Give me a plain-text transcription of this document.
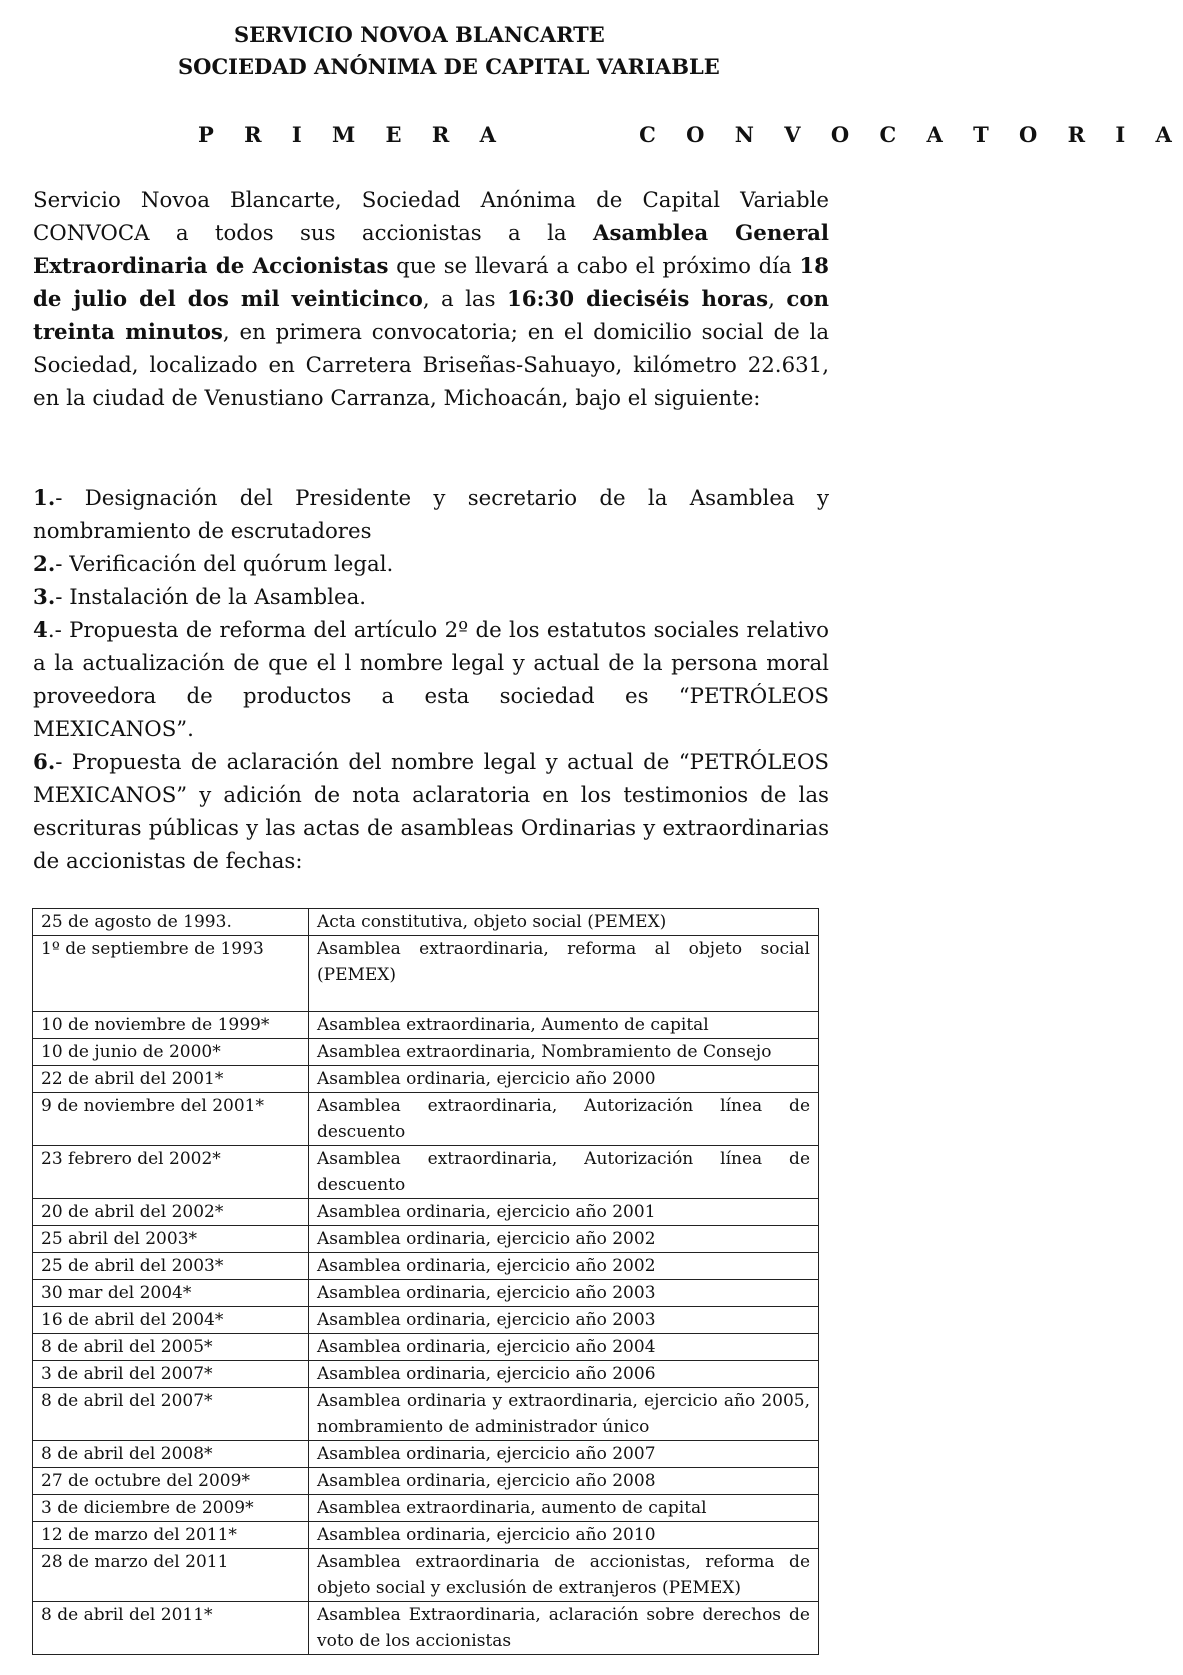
SERVICIO NOVOA BLANCARTE
SOCIEDAD ANÓNIMA DE CAPITAL VARIABLE
P R I M E R A       C O N V O C A T O R I A
Servicio Novoa Blancarte, Sociedad Anónima de Capital Variable CONVOCA a todos sus accionistas a la Asamblea General Extraordinaria de Accionistas que se llevará a cabo el próximo día 18 de julio del dos mil veinticinco, a las 16:30 dieciséis horas, con treinta minutos, en primera convocatoria; en el domicilio social de la Sociedad, localizado en Carretera Briseñas-Sahuayo, kilómetro 22.631, en la ciudad de Venustiano Carranza, Michoacán, bajo el siguiente:

1.- Designación del Presidente y secretario de la Asamblea y nombramiento de escrutadores

2.- Verificación del quórum legal.

3.- Instalación de la Asamblea.

4.- Propuesta de reforma del artículo 2º de los estatutos sociales relativo a la actualización de que el l nombre legal y actual de la persona moral proveedora de productos a esta sociedad es “PETRÓLEOS MEXICANOS”.

6.- Propuesta de aclaración del nombre legal y actual de “PETRÓLEOS MEXICANOS” y adición de nota aclaratoria en los testimonios de las escrituras públicas y las actas de asambleas Ordinarias y extraordinarias de accionistas de fechas:

25 de agosto de 1993.	Acta constitutiva, objeto social (PEMEX)
1º de septiembre de 1993	Asamblea extraordinaria, reforma al objeto social (PEMEX)
10 de noviembre de 1999*	Asamblea extraordinaria, Aumento de capital
10 de junio de 2000*	Asamblea extraordinaria, Nombramiento de Consejo
22 de abril del 2001*	Asamblea ordinaria, ejercicio año 2000
9 de noviembre del 2001*	Asamblea extraordinaria, Autorización línea de descuento
23 febrero del 2002*	Asamblea extraordinaria, Autorización línea de descuento
20 de abril del 2002*	Asamblea ordinaria, ejercicio año 2001
25 abril del 2003*	Asamblea ordinaria, ejercicio año 2002
25 de abril del 2003*	Asamblea ordinaria, ejercicio año 2002
30 mar del 2004*	Asamblea ordinaria, ejercicio año 2003
16 de abril del 2004*	Asamblea ordinaria, ejercicio año 2003
8 de abril del 2005*	Asamblea ordinaria, ejercicio año 2004
3 de abril del 2007*	Asamblea ordinaria, ejercicio año 2006
8 de abril del 2007*	Asamblea ordinaria y extraordinaria, ejercicio año 2005, nombramiento de administrador único
8 de abril del 2008*	Asamblea ordinaria, ejercicio año 2007
27 de octubre del 2009*	Asamblea ordinaria, ejercicio año 2008
3 de diciembre de 2009*	Asamblea extraordinaria, aumento de capital
12 de marzo del 2011*	Asamblea ordinaria, ejercicio año 2010
28 de marzo del 2011	Asamblea extraordinaria de accionistas, reforma de objeto social y exclusión de extranjeros (PEMEX)
8 de abril del 2011*	Asamblea Extraordinaria, aclaración sobre derechos de voto de los accionistas
